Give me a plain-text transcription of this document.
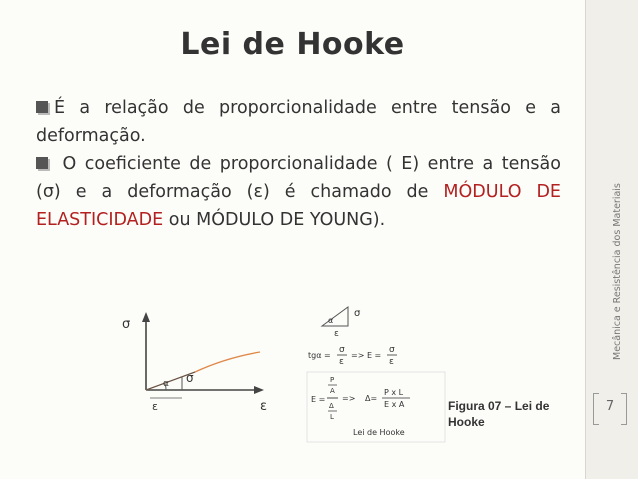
Mecânica e Resistência dos Materiais
7
Lei de Hooke

É a relação de proporcionalidade entre tensão e a deformação.

O coeficiente de proporcionalidade ( E) entre a tensão (σ) e a deformação (ε) é chamado de MÓDULO DE ELASTICIDADE ou MÓDULO DE YOUNG).

σ
ε
α σ
ε
α
σ
ε
tgα =
σ
ε
=> E =
σ
ε
E =
P
A
Δ
L
=> Δ=
P x L
E x A
Lei de Hooke
Figura 07 – Lei de
Hooke
